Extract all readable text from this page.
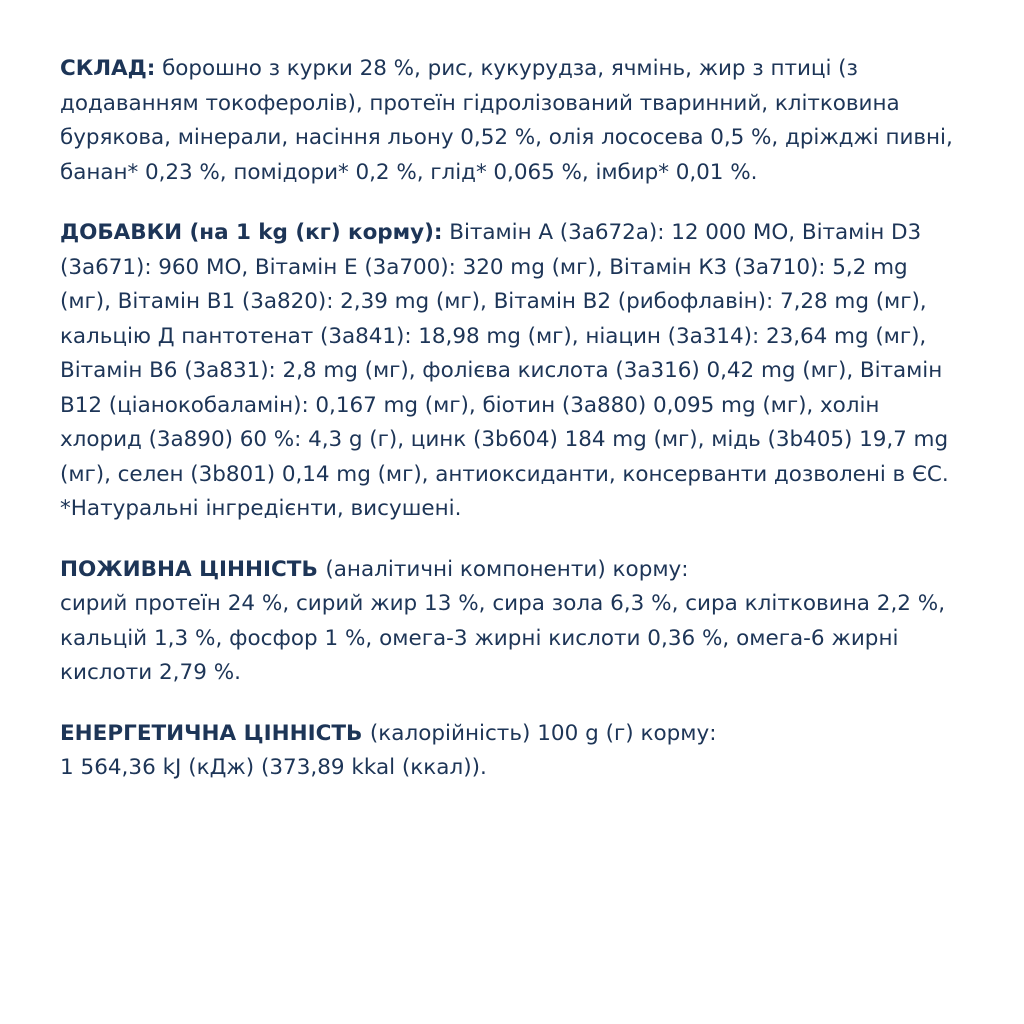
СКЛАД: борошно з курки 28 %, рис, кукурудза, ячмінь, жир з птиці (з додаванням токоферолів), протеїн гідролізований тваринний, клітковина бурякова, мінерали, насіння льону 0,52 %, олія лососева 0,5 %, дріжджі пивні, банан* 0,23 %, помідори* 0,2 %, глід* 0,065 %, імбир* 0,01 %.

ДОБАВКИ (на 1 kg (кг) корму): Вітамін А (3а672а): 12 000 МО, Вітамін D3 (3а671): 960 МО, Вітамін Е (3а700): 320 mg (мг), Вітамін К3 (3а710): 5,2 mg (мг), Вітамін В1 (3а820): 2,39 mg (мг), Вітамін В2 (рибофлавін): 7,28 mg (мг), кальцію Д пантотенат (3а841): 18,98 mg (мг), ніацин (3а314): 23,64 mg (мг), Вітамін В6 (3а831): 2,8 mg (мг), фолієва кислота (3а316) 0,42 mg (мг), Вітамін В12 (ціанокобаламін): 0,167 mg (мг), біотин (3а880) 0,095 mg (мг), холін хлорид (3а890) 60 %: 4,3 g (г), цинк (3b604) 184 mg (мг), мідь (3b405) 19,7 mg (мг), селен (3b801) 0,14 mg (мг), антиоксиданти, консерванти дозволені в ЄС.

*Натуральні інгредієнти, висушені.

ПОЖИВНА ЦІННІСТЬ (аналітичні компоненти) корму:

сирий протеїн 24 %, сирий жир 13 %, сира зола 6,3 %, сира клітковина 2,2 %, кальцій 1,3 %, фосфор 1 %, омега-3 жирні кислоти 0,36 %, омега-6 жирні кислоти 2,79 %.

ЕНЕРГЕТИЧНА ЦІННІСТЬ (калорійність) 100 g (г) корму:

1 564,36 kJ (кДж) (373,89 kkal (ккал)).
